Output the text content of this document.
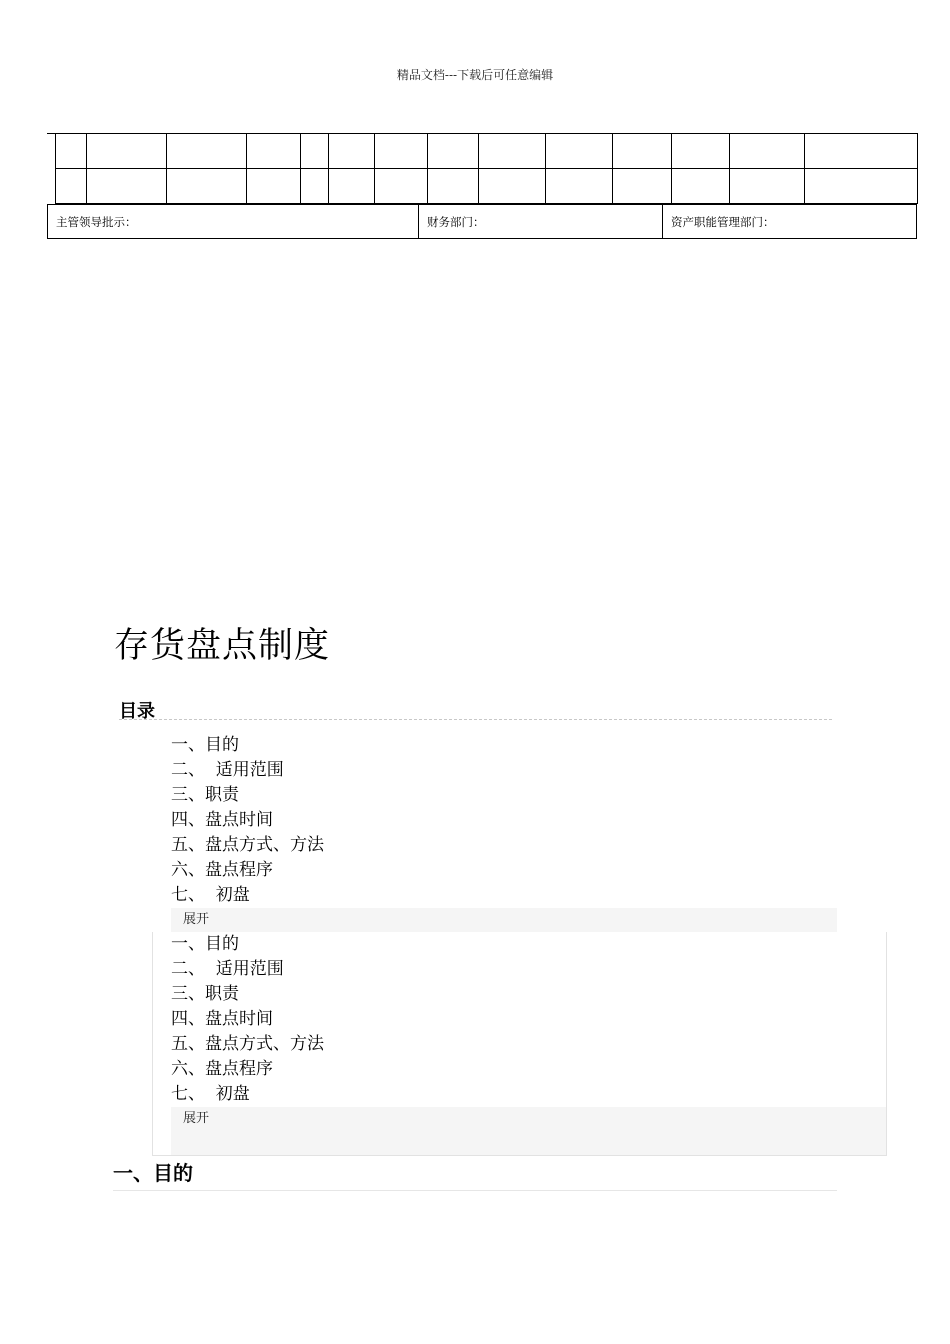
精品文档---下载后可任意编辑

主管领导批示：	财务部门：	资产职能管理部门：
存货盘点制度
目录
一、目的
二、  适用范围
三、职责
四、盘点时间
五、盘点方式、方法
六、盘点程序
七、  初盘
展开
一、目的
二、  适用范围
三、职责
四、盘点时间
五、盘点方式、方法
六、盘点程序
七、  初盘
展开
一、目的
